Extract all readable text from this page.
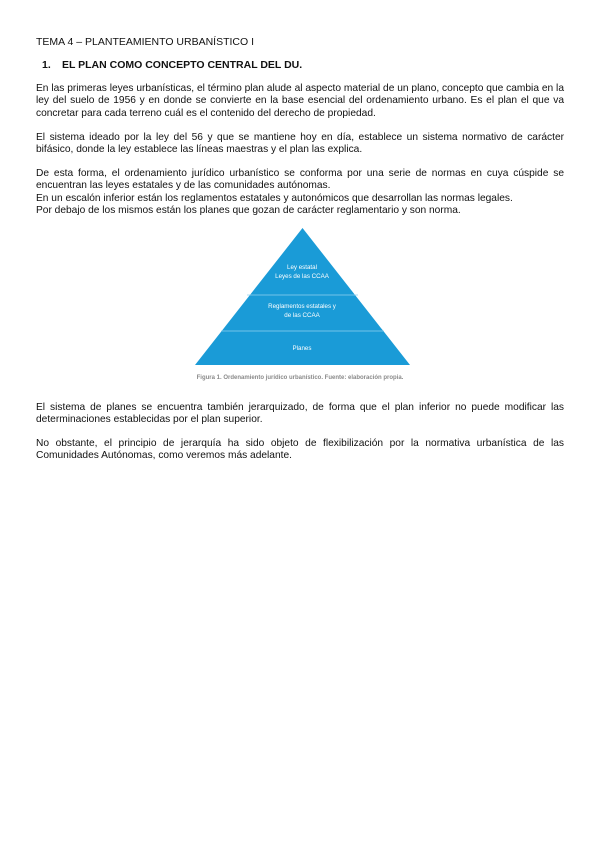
TEMA 4 – PLANTEAMIENTO URBANÍSTICO I
1. EL PLAN COMO CONCEPTO CENTRAL DEL DU.

En las primeras leyes urbanísticas, el término plan alude al aspecto material de un plano, concepto que cambia en la ley del suelo de 1956 y en donde se convierte en la base esencial del ordenamiento urbano. Es el plan el que va concretar para cada terreno cuál es el contenido del derecho de propiedad.

El sistema ideado por la ley del 56 y que se mantiene hoy en día, establece un sistema normativo de carácter bifásico, donde la ley establece las líneas maestras y el plan las explica.

De esta forma, el ordenamiento jurídico urbanístico se conforma por una serie de normas en cuya cúspide se encuentran las leyes estatales y de las comunidades autónomas.
En un escalón inferior están los reglamentos estatales y autonómicos que desarrollan las normas legales.
Por debajo de los mismos están los planes que gozan de carácter reglamentario y son norma.
Ley estatal
Leyes de las CCAA
Reglamentos estatales y
de las CCAA
Planes
Figura 1. Ordenamiento jurídico urbanístico. Fuente: elaboración propia.

El sistema de planes se encuentra también jerarquizado, de forma que el plan inferior no puede modificar las determinaciones establecidas por el plan superior.

No obstante, el principio de jerarquía ha sido objeto de flexibilización por la normativa urbanística de las Comunidades Autónomas, como veremos más adelante.
